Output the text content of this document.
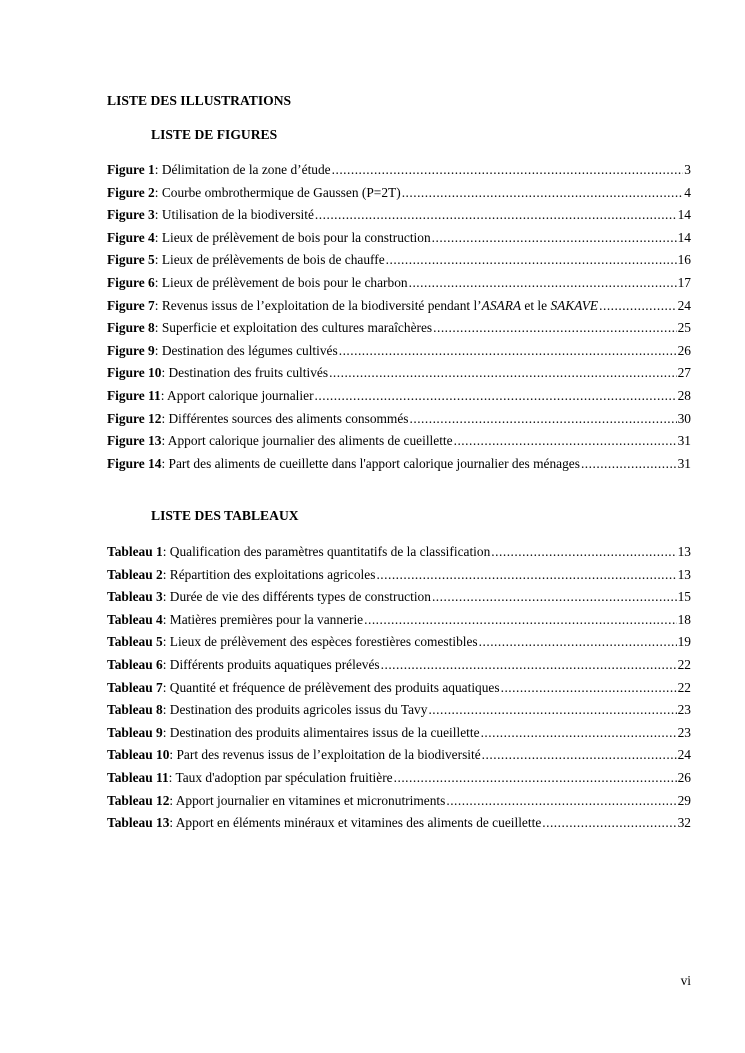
LISTE DES ILLUSTRATIONS
LISTE DE FIGURES
Figure 1 : Délimitation de la zone d’étude .....	3
Figure 2 : Courbe ombrothermique de Gaussen (P=2T) .....	4
Figure 3 : Utilisation de la biodiversité .....	14
Figure 4 : Lieux de prélèvement de bois pour la construction .....	14
Figure 5 : Lieux de prélèvements de bois de chauffe .....	16
Figure 6 : Lieux de prélèvement de bois pour le charbon .....	17
Figure 7 : Revenus issus de l’exploitation de la biodiversité pendant l’ASARA et le SAKAVE .....	24
Figure 8 : Superficie et exploitation des cultures maraîchères .....	25
Figure 9 : Destination des légumes cultivés .....	26
Figure 10 : Destination des fruits cultivés .....	27
Figure 11 : Apport calorique journalier .....	28
Figure 12 : Différentes sources des aliments consommés .....	30
Figure 13 : Apport calorique journalier des aliments de cueillette .....	31
Figure 14 : Part des aliments de cueillette dans l'apport calorique journalier des ménages .....	31
LISTE DES TABLEAUX
Tableau 1 : Qualification des paramètres quantitatifs de la classification .....	13
Tableau 2 : Répartition des exploitations agricoles .....	13
Tableau 3 : Durée de vie des différents types de construction .....	15
Tableau 4 : Matières premières pour la vannerie .....	18
Tableau 5 : Lieux de prélèvement des espèces forestières comestibles .....	19
Tableau 6 : Différents produits aquatiques prélevés .....	22
Tableau 7 : Quantité et fréquence de prélèvement des produits aquatiques .....	22
Tableau 8 : Destination des produits agricoles issus du Tavy .....	23
Tableau 9 : Destination des produits alimentaires issus de la cueillette .....	23
Tableau 10 : Part des revenus issus de l’exploitation de la biodiversité .....	24
Tableau 11 : Taux d'adoption par spéculation fruitière .....	26
Tableau 12 : Apport journalier en vitamines et micronutriments .....	29
Tableau 13 : Apport en éléments minéraux et vitamines des aliments de cueillette .....	32
vi
